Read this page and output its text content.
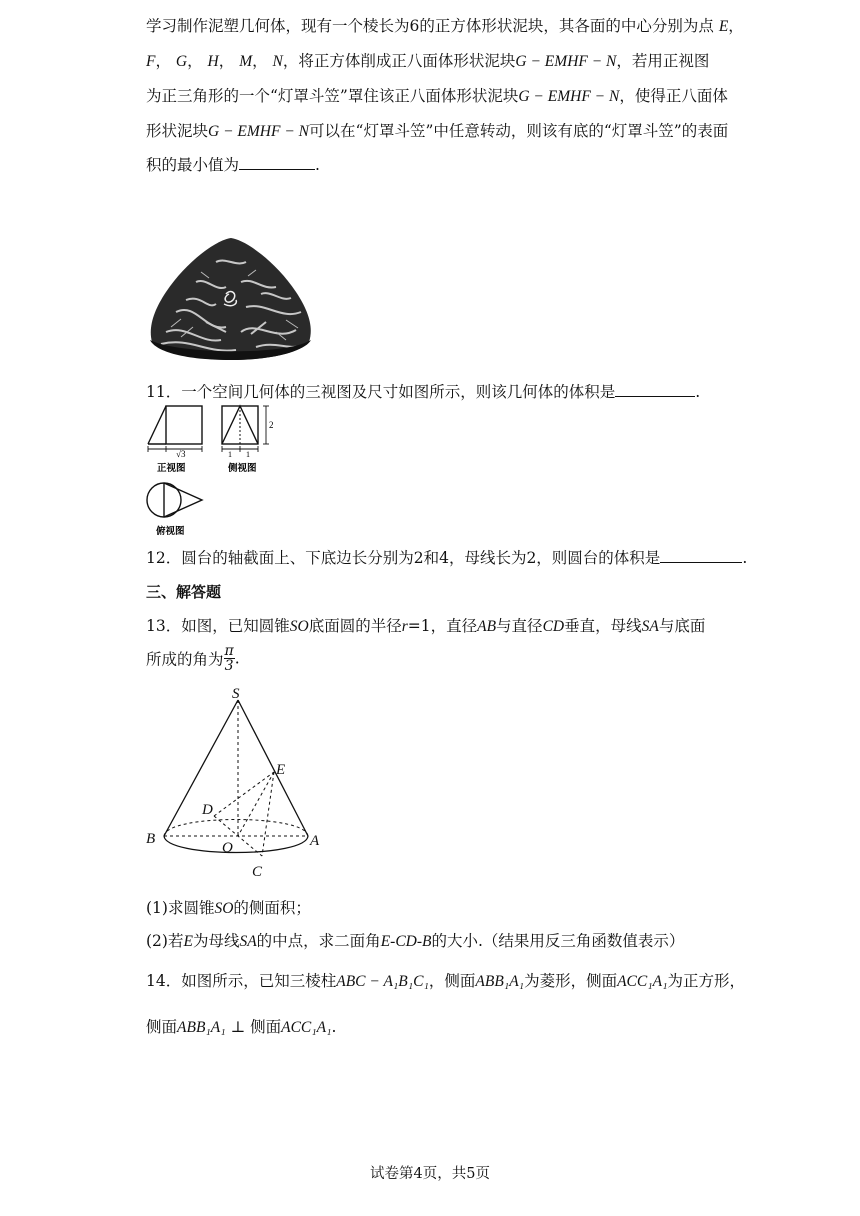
学习制作泥塑几何体，现有一个棱长为6的正方体形状泥块，其各面的中心分别为点 E，
F， G， H， M， N，将正方体削成正八面体形状泥块G − EMHF − N，若用正视图
为正三角形的一个“灯罩斗笠”罩住该正八面体形状泥块G − EMHF − N，使得正八面体
形状泥块G − EMHF − N可以在“灯罩斗笠”中任意转动，则该有底的“灯罩斗笠”的表面
积的最小值为	.
11．一个空间几何体的三视图及尺寸如图所示，则该几何体的体积是	.
√3
正视图
1 1
2
侧视图
俯视图
12．圆台的轴截面上、下底边长分别为2和4，母线长为2，则圆台的体积是	.
三、解答题
13．如图，已知圆锥SO底面圆的半径r=1，直径AB与直径CD垂直，母线SA与底面
所成的角为 $\frac{\pi}{3}$ .
S
E
D
B
O	A
C
(1)求圆锥SO的侧面积；
(2)若E为母线SA的中点，求二面角E-CD-B的大小.（结果用反三角函数值表示）
14．如图所示，已知三棱柱ABC − A₁B₁C₁，侧面ABB₁A₁为菱形，侧面ACC₁A₁为正方形，
侧面ABB₁A₁ ⊥ 侧面ACC₁A₁.
试卷第4页，共5页
